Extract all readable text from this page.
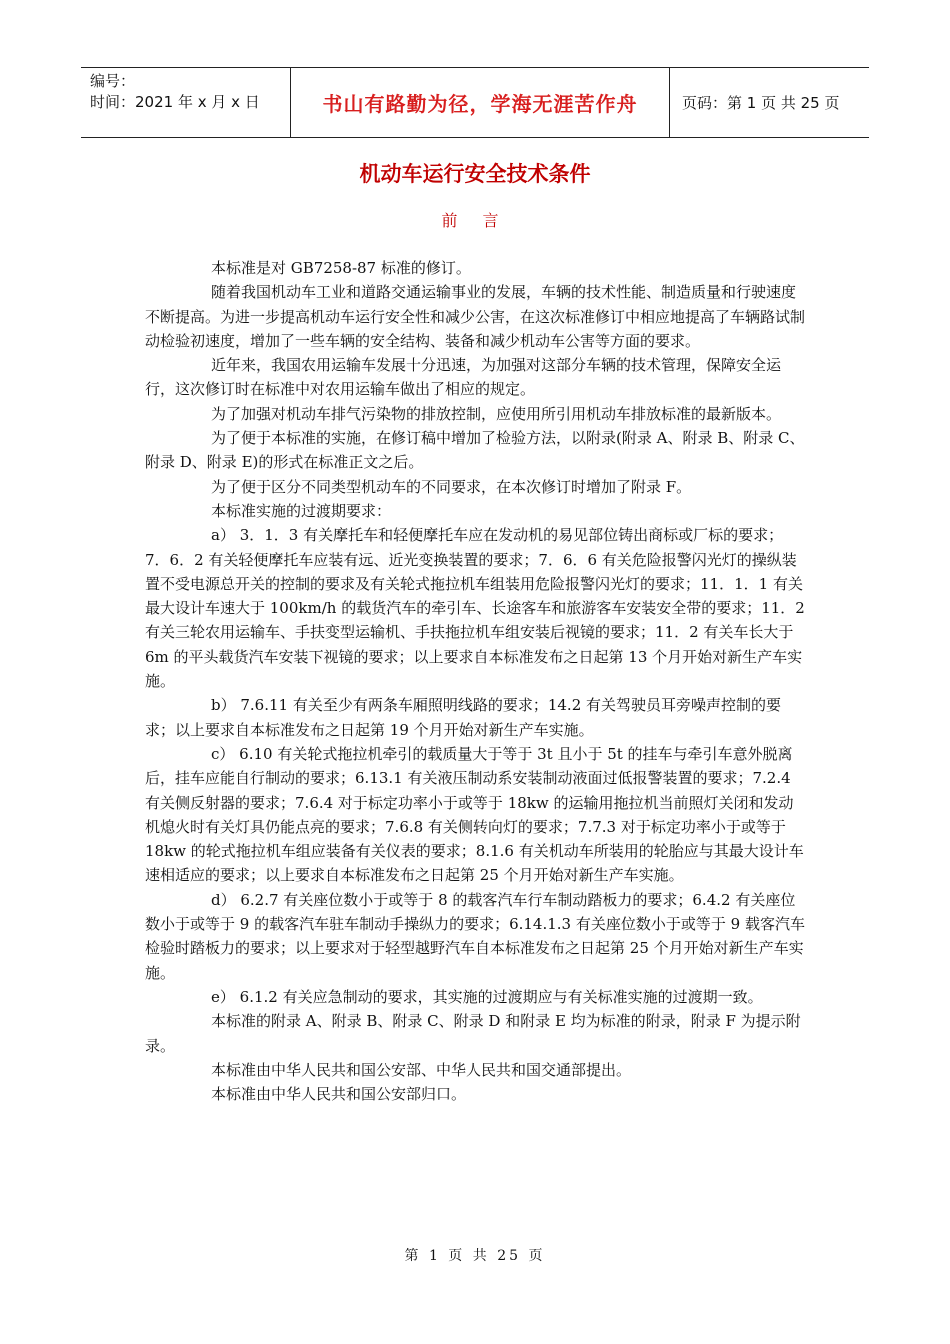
编号：
时间：2021 年 x 月 x 日	书山有路勤为径，学海无涯苦作舟	页码：第 1 页 共 25 页
机动车运行安全技术条件
前 言

本标准是对 GB7258-87 标准的修订。

随着我国机动车工业和道路交通运输事业的发展，车辆的技术性能、制造质量和行驶速度不断提高。为进一步提高机动车运行安全性和减少公害，在这次标准修订中相应地提高了车辆路试制动检验初速度，增加了一些车辆的安全结构、装备和减少机动车公害等方面的要求。

近年来，我国农用运输车发展十分迅速，为加强对这部分车辆的技术管理，保障安全运行，这次修订时在标准中对农用运输车做出了相应的规定。

为了加强对机动车排气污染物的排放控制，应使用所引用机动车排放标准的最新版本。

为了便于本标准的实施，在修订稿中增加了检验方法，以附录(附录 A、附录 B、附录 C、附录 D、附录 E)的形式在标准正文之后。

为了便于区分不同类型机动车的不同要求，在本次修订时增加了附录 F。

本标准实施的过渡期要求：

a） 3．1．3 有关摩托车和轻便摩托车应在发动机的易见部位铸出商标或厂标的要求；7．6．2 有关轻便摩托车应装有远、近光变换装置的要求；7．6．6 有关危险报警闪光灯的操纵装置不受电源总开关的控制的要求及有关轮式拖拉机车组装用危险报警闪光灯的要求；11．1．1 有关最大设计车速大于 100km/h 的载货汽车的牵引车、长途客车和旅游客车安装安全带的要求；11．2 有关三轮农用运输车、手扶变型运输机、手扶拖拉机车组安装后视镜的要求；11．2 有关车长大于 6m 的平头载货汽车安装下视镜的要求；以上要求自本标准发布之日起第 13 个月开始对新生产车实施。

b） 7.6.11 有关至少有两条车厢照明线路的要求；14.2 有关驾驶员耳旁噪声控制的要求；以上要求自本标准发布之日起第 19 个月开始对新生产车实施。

c） 6.10 有关轮式拖拉机牵引的载质量大于等于 3t 且小于 5t 的挂车与牵引车意外脱离后，挂车应能自行制动的要求；6.13.1 有关液压制动系安装制动液面过低报警装置的要求；7.2.4 有关侧反射器的要求；7.6.4 对于标定功率小于或等于 18kw 的运输用拖拉机当前照灯关闭和发动机熄火时有关灯具仍能点亮的要求；7.6.8 有关侧转向灯的要求；7.7.3 对于标定功率小于或等于 18kw 的轮式拖拉机车组应装备有关仪表的要求；8.1.6 有关机动车所装用的轮胎应与其最大设计车速相适应的要求；以上要求自本标准发布之日起第 25 个月开始对新生产车实施。

d） 6.2.7 有关座位数小于或等于 8 的载客汽车行车制动踏板力的要求；6.4.2 有关座位数小于或等于 9 的载客汽车驻车制动手操纵力的要求；6.14.1.3 有关座位数小于或等于 9 载客汽车检验时踏板力的要求；以上要求对于轻型越野汽车自本标准发布之日起第 25 个月开始对新生产车实施。

e） 6.1.2 有关应急制动的要求，其实施的过渡期应与有关标准实施的过渡期一致。

本标准的附录 A、附录 B、附录 C、附录 D 和附录 E 均为标准的附录，附录 F 为提示附录。

本标准由中华人民共和国公安部、中华人民共和国交通部提出。

本标准由中华人民共和国公安部归口。

第 1 页 共 25 页
